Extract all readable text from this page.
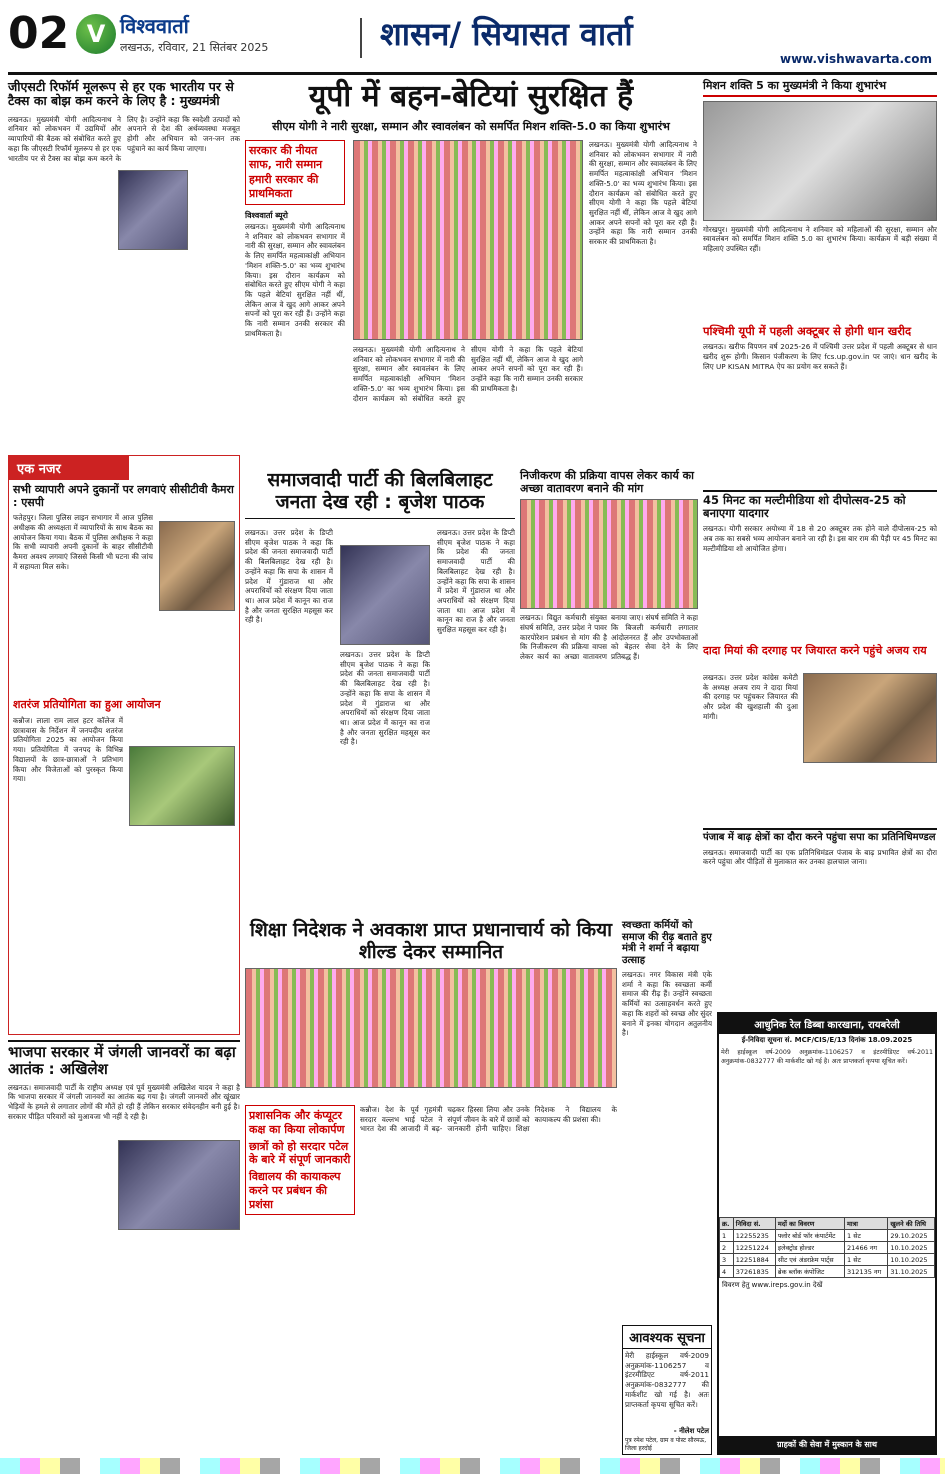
02 V विश्ववार्ता
लखनऊ, रविवार, 21 सितंबर 2025	शासन/ सियासत वार्ता
www.vishwavarta.com
जीएसटी रिफॉर्म मूलरूप से हर एक भारतीय पर से टैक्स का बोझ कम करने के लिए है : मुख्यमंत्री
लखनऊ। मुख्यमंत्री योगी आदित्यनाथ ने शनिवार को लोकभवन में उद्यमियों और व्यापारियों की बैठक को संबोधित करते हुए कहा कि जीएसटी रिफॉर्म मूलरूप से हर एक भारतीय पर से टैक्स का बोझ कम करने के लिए है। उन्होंने कहा कि स्वदेशी उत्पादों को अपनाने से देश की अर्थव्यवस्था मजबूत होगी और अभियान को जन-जन तक पहुंचाने का कार्य किया जाएगा।
यूपी में बहन-बेटियां सुरक्षित हैं
सीएम योगी ने नारी सुरक्षा, सम्मान और स्वावलंबन को समर्पित मिशन शक्ति-5.0 का किया शुभारंभ
सरकार की नीयत साफ, नारी सम्मान हमारी सरकार की प्राथमिकता
विश्ववार्ता ब्यूरो
लखनऊ। मुख्यमंत्री योगी आदित्यनाथ ने शनिवार को लोकभवन सभागार में नारी की सुरक्षा, सम्मान और स्वावलंबन के लिए समर्पित महत्वाकांक्षी अभियान 'मिशन शक्ति-5.0' का भव्य शुभारंभ किया। इस दौरान कार्यक्रम को संबोधित करते हुए सीएम योगी ने कहा कि पहले बेटियां सुरक्षित नहीं थीं, लेकिन आज वे खुद आगे आकर अपने सपनों को पूरा कर रही हैं। उन्होंने कहा कि नारी सम्मान उनकी सरकार की प्राथमिकता है।
लखनऊ। मुख्यमंत्री योगी आदित्यनाथ ने शनिवार को लोकभवन सभागार में नारी की सुरक्षा, सम्मान और स्वावलंबन के लिए समर्पित महत्वाकांक्षी अभियान 'मिशन शक्ति-5.0' का भव्य शुभारंभ किया। इस दौरान कार्यक्रम को संबोधित करते हुए सीएम योगी ने कहा कि पहले बेटियां सुरक्षित नहीं थीं, लेकिन आज वे खुद आगे आकर अपने सपनों को पूरा कर रही हैं। उन्होंने कहा कि नारी सम्मान उनकी सरकार की प्राथमिकता है।
लखनऊ। मुख्यमंत्री योगी आदित्यनाथ ने शनिवार को लोकभवन सभागार में नारी की सुरक्षा, सम्मान और स्वावलंबन के लिए समर्पित महत्वाकांक्षी अभियान 'मिशन शक्ति-5.0' का भव्य शुभारंभ किया। इस दौरान कार्यक्रम को संबोधित करते हुए सीएम योगी ने कहा कि पहले बेटियां सुरक्षित नहीं थीं, लेकिन आज वे खुद आगे आकर अपने सपनों को पूरा कर रही हैं। उन्होंने कहा कि नारी सम्मान उनकी सरकार की प्राथमिकता है।
मिशन शक्ति 5 का मुख्यमंत्री ने किया शुभारंभ
गोरखपुर। मुख्यमंत्री योगी आदित्यनाथ ने शनिवार को महिलाओं की सुरक्षा, सम्मान और स्वावलंबन को समर्पित मिशन शक्ति 5.0 का शुभारंभ किया। कार्यक्रम में बड़ी संख्या में महिलाएं उपस्थित रहीं।
पश्चिमी यूपी में पहली अक्टूबर से होगी धान खरीद
लखनऊ। खरीफ विपणन वर्ष 2025-26 में पश्चिमी उत्तर प्रदेश में पहली अक्टूबर से धान खरीद शुरू होगी। किसान पंजीकरण के लिए fcs.up.gov.in पर जाएं। धान खरीद के लिए UP KISAN MITRA ऐप का प्रयोग कर सकते हैं।
45 मिनट का मल्टीमीडिया शो दीपोत्सव-25 को बनाएगा यादगार
लखनऊ। योगी सरकार अयोध्या में 18 से 20 अक्टूबर तक होने वाले दीपोत्सव-25 को अब तक का सबसे भव्य आयोजन बनाने जा रही है। इस बार राम की पैड़ी पर 45 मिनट का मल्टीमीडिया शो आयोजित होगा।
दादा मियां की दरगाह पर जियारत करने पहुंचे अजय राय
लखनऊ। उत्तर प्रदेश कांग्रेस कमेटी के अध्यक्ष अजय राय ने दादा मियां की दरगाह पर पहुंचकर जियारत की और प्रदेश की खुशहाली की दुआ मांगी।
पंजाब में बाढ़ क्षेत्रों का दौरा करने पहुंचा सपा का प्रतिनिधिमण्डल
लखनऊ। समाजवादी पार्टी का एक प्रतिनिधिमंडल पंजाब के बाढ़ प्रभावित क्षेत्रों का दौरा करने पहुंचा और पीड़ितों से मुलाकात कर उनका हालचाल जाना।
एक नजर
सभी व्यापारी अपने दुकानों पर लगवाएं सीसीटीवी कैमरा : एसपी
फतेहपुर। जिला पुलिस लाइन सभागार में आज पुलिस अधीक्षक की अध्यक्षता में व्यापारियों के साथ बैठक का आयोजन किया गया। बैठक में पुलिस अधीक्षक ने कहा कि सभी व्यापारी अपनी दुकानों के बाहर सीसीटीवी कैमरा अवश्य लगवाएं जिससे किसी भी घटना की जांच में सहायता मिल सके।
शतरंज प्रतियोगिता का हुआ आयोजन
कन्नौज। लाला राम लाल हटर कॉलेज में छात्रावास के निर्देशन में जनपदीय शतरंज प्रतियोगिता 2025 का आयोजन किया गया। प्रतियोगिता में जनपद के विभिन्न विद्यालयों के छात्र-छात्राओं ने प्रतिभाग किया और विजेताओं को पुरस्कृत किया गया।
समाजवादी पार्टी की बिलबिलाहट जनता देख रही : बृजेश पाठक
लखनऊ। उत्तर प्रदेश के डिप्टी सीएम बृजेश पाठक ने कहा कि प्रदेश की जनता समाजवादी पार्टी की बिलबिलाहट देख रही है। उन्होंने कहा कि सपा के शासन में प्रदेश में गुंडाराज था और अपराधियों को संरक्षण दिया जाता था। आज प्रदेश में कानून का राज है और जनता सुरक्षित महसूस कर रही है।
लखनऊ। उत्तर प्रदेश के डिप्टी सीएम बृजेश पाठक ने कहा कि प्रदेश की जनता समाजवादी पार्टी की बिलबिलाहट देख रही है। उन्होंने कहा कि सपा के शासन में प्रदेश में गुंडाराज था और अपराधियों को संरक्षण दिया जाता था। आज प्रदेश में कानून का राज है और जनता सुरक्षित महसूस कर रही है।
लखनऊ। उत्तर प्रदेश के डिप्टी सीएम बृजेश पाठक ने कहा कि प्रदेश की जनता समाजवादी पार्टी की बिलबिलाहट देख रही है। उन्होंने कहा कि सपा के शासन में प्रदेश में गुंडाराज था और अपराधियों को संरक्षण दिया जाता था। आज प्रदेश में कानून का राज है और जनता सुरक्षित महसूस कर रही है।
निजीकरण की प्रक्रिया वापस लेकर कार्य का अच्छा वातावरण बनाने की मांग
लखनऊ। विद्युत कर्मचारी संयुक्त संघर्ष समिति, उत्तर प्रदेश ने पावर कारपोरेशन प्रबंधन से मांग की है कि निजीकरण की प्रक्रिया वापस लेकर कार्य का अच्छा वातावरण बनाया जाए। संघर्ष समिति ने कहा कि बिजली कर्मचारी लगातार आंदोलनरत हैं और उपभोक्ताओं को बेहतर सेवा देने के लिए प्रतिबद्ध हैं।
शिक्षा निदेशक ने अवकाश प्राप्त प्रधानाचार्य को किया शील्ड देकर सम्मानित
प्रशासनिक और कंप्यूटर कक्ष का किया लोकार्पण
छात्रों को हो सरदार पटेल के बारे में संपूर्ण जानकारी
विद्यालय की कायाकल्प करने पर प्रबंधन की प्रशंसा
कन्नौज। देश के पूर्व गृहमंत्री सरदार वल्लभ भाई पटेल ने भारत देश की आजादी में बढ़-चढ़कर हिस्सा लिया और उनके संपूर्ण जीवन के बारे में छात्रों को जानकारी होनी चाहिए। शिक्षा निदेशक ने विद्यालय के कायाकल्प की प्रशंसा की।
स्वच्छता कर्मियों को समाज की रीढ़ बताते हुए मंत्री ने शर्मा ने बढ़ाया उत्साह
लखनऊ। नगर विकास मंत्री एके शर्मा ने कहा कि स्वच्छता कर्मी समाज की रीढ़ हैं। उन्होंने स्वच्छता कर्मियों का उत्साहवर्धन करते हुए कहा कि शहरों को स्वच्छ और सुंदर बनाने में इनका योगदान अतुलनीय है।
भाजपा सरकार में जंगली जानवरों का बढ़ा आतंक : अखिलेश
लखनऊ। समाजवादी पार्टी के राष्ट्रीय अध्यक्ष एवं पूर्व मुख्यमंत्री अखिलेश यादव ने कहा है कि भाजपा सरकार में जंगली जानवरों का आतंक बढ़ गया है। जंगली जानवरों और खूंखार भेड़ियों के हमले से लगातार लोगों की मौतें हो रही हैं लेकिन सरकार संवेदनहीन बनी हुई है। सरकार पीड़ित परिवारों को मुआवजा भी नहीं दे रही है।
आवश्यक सूचना
मेरी हाईस्कूल वर्ष-2009 अनुक्रमांक-1106257 व इंटरमीडिएट वर्ष-2011 अनुक्रमांक-0832777 की मार्कशीट खो गई है। अतः प्राप्तकर्ता कृपया सूचित करें।
- नीलेश पटेल
पुत्र रमेश पटेल, ग्राम व पोस्ट सौरमऊ, जिला हरदोई
आधुनिक रेल डिब्बा कारखाना, रायबरेली
ई-निविदा सूचना सं. MCF/CIS/E/13 दिनांक 18.09.2025
मेरी हाईस्कूल वर्ष-2009 अनुक्रमांक-1106257 व इंटरमीडिएट वर्ष-2011 अनुक्रमांक-0832777 की मार्कशीट खो गई है। अतः प्राप्तकर्ता कृपया सूचित करें।
क्र.	निविदा सं.	मदों का विवरण	मात्रा	खुलने की तिथि
1	12255235	फ्लोर बोर्ड फॉर कंपार्टमेंट	1 सेट	29.10.2025
2	12251224	इलेक्ट्रोड होल्डर	21466 नग	10.10.2025
3	12251884	सीट एवं अंडरफ्रेम पार्ट्स	1 सेट	10.10.2025
4	37261835	ब्रेक ब्लॉक कंपोजिट	312135 नग	31.10.2025
विवरण हेतु www.ireps.gov.in देखें
ग्राहकों की सेवा में मुस्कान के साथ
